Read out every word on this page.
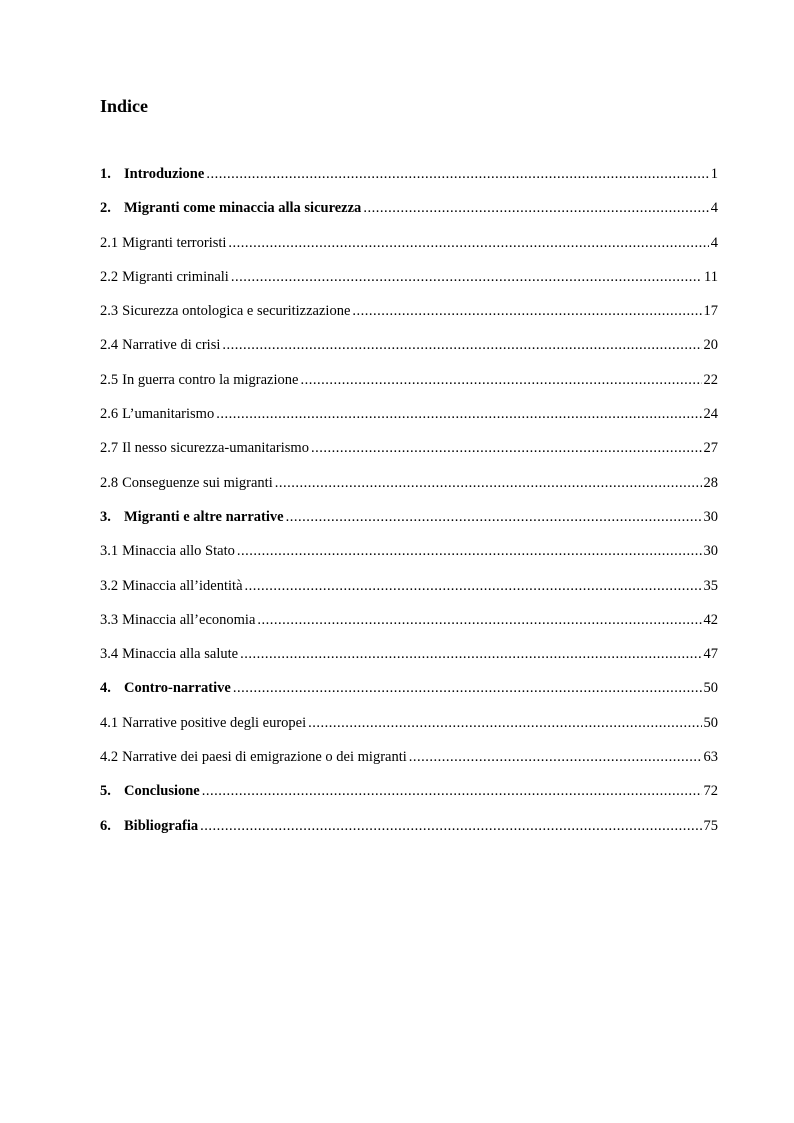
Indice
1. Introduzione .....	1
2. Migranti come minaccia alla sicurezza .....	4
2.1 Migranti terroristi .....	4
2.2 Migranti criminali .....	11
2.3 Sicurezza ontologica e securitizzazione .....	17
2.4 Narrative di crisi .....	20
2.5 In guerra contro la migrazione .....	22
2.6 L’umanitarismo .....	24
2.7 Il nesso sicurezza-umanitarismo .....	27
2.8 Conseguenze sui migranti .....	28
3. Migranti e altre narrative .....	30
3.1 Minaccia allo Stato .....	30
3.2 Minaccia all’identità .....	35
3.3 Minaccia all’economia .....	42
3.4 Minaccia alla salute .....	47
4. Contro-narrative .....	50
4.1 Narrative positive degli europei .....	50
4.2 Narrative dei paesi di emigrazione o dei migranti .....	63
5. Conclusione .....	72
6. Bibliografia .....	75
